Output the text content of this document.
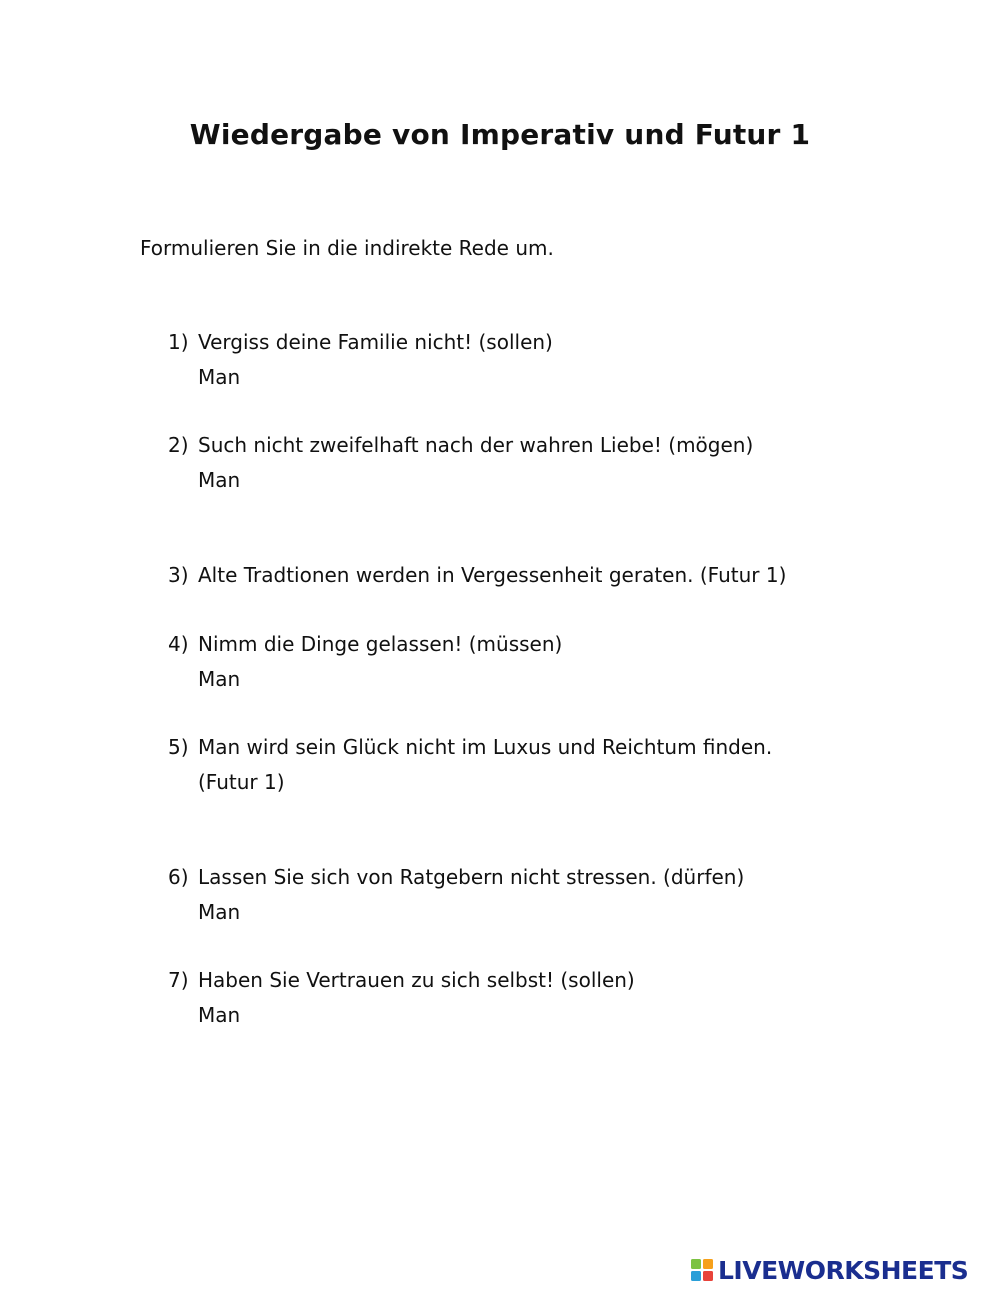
Wiedergabe von Imperativ und Futur 1
Formulieren Sie in die indirekte Rede um.
1) Vergiss deine Familie nicht! (sollen)
Man
2) Such nicht zweifelhaft nach der wahren Liebe! (mögen)
Man
3) Alte Tradtionen werden in Vergessenheit geraten. (Futur 1)
4) Nimm die Dinge gelassen! (müssen)
Man
5) Man wird sein Glück nicht im Luxus und Reichtum finden.
(Futur 1)
6) Lassen Sie sich von Ratgebern nicht stressen. (dürfen)
Man
7) Haben Sie Vertrauen zu sich selbst! (sollen)
Man
LIVEWORKSHEETS
